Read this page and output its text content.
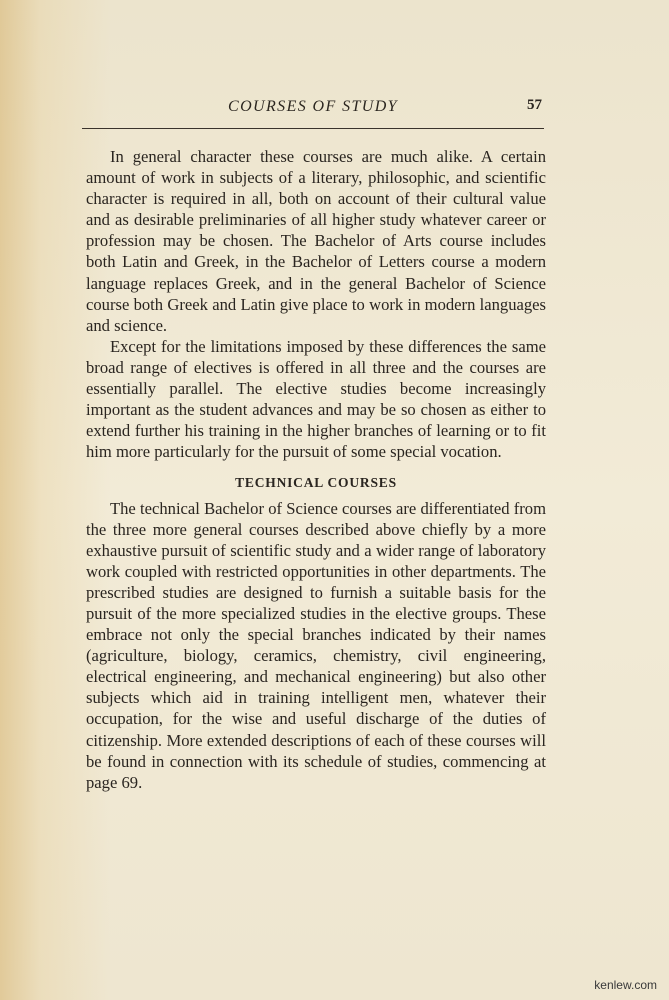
COURSES OF STUDY	57

In general character these courses are much alike. A certain amount of work in subjects of a literary, philosophic, and scientific character is required in all, both on account of their cultural value and as desirable preliminaries of all higher study whatever career or profession may be chosen. The Bachelor of Arts course includes both Latin and Greek, in the Bachelor of Letters course a modern language replaces Greek, and in the general Bachelor of Science course both Greek and Latin give place to work in modern languages and science.

Except for the limitations imposed by these differences the same broad range of electives is offered in all three and the courses are essentially parallel. The elective studies become increasingly important as the student advances and may be so chosen as either to extend further his training in the higher branches of learning or to fit him more particularly for the pursuit of some special vocation.

TECHNICAL COURSES

The technical Bachelor of Science courses are differentiated from the three more general courses described above chiefly by a more exhaustive pursuit of scientific study and a wider range of laboratory work coupled with restricted opportunities in other departments. The prescribed studies are designed to furnish a suitable basis for the pursuit of the more specialized studies in the elective groups. These embrace not only the special branches indicated by their names (agriculture, biology, ceramics, chemistry, civil engineering, electrical engineering, and mechanical engineering) but also other subjects which aid in training intelligent men, whatever their occupation, for the wise and useful discharge of the duties of citizenship. More extended descriptions of each of these courses will be found in connection with its schedule of studies, commencing at page 69.

kenlew.com
